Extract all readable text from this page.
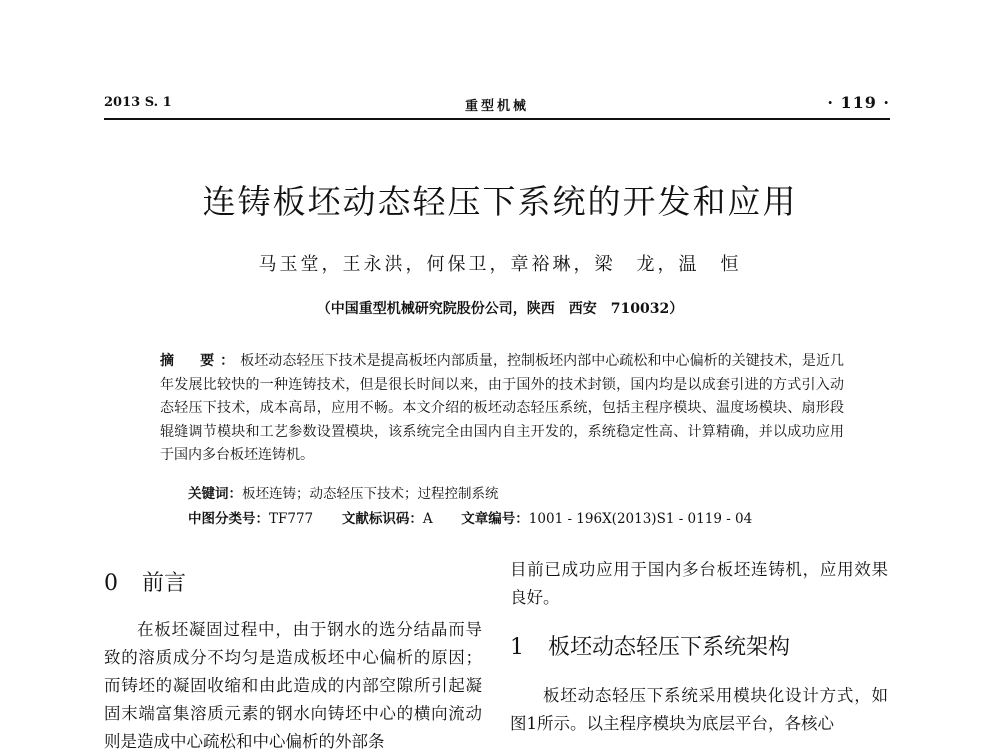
2013 S. 1	重型机械	· 119 ·
连铸板坯动态轻压下系统的开发和应用
马玉堂，王永洪，何保卫，章裕琳，梁　龙，温　恒
（中国重型机械研究院股份公司，陕西　西安　710032）
摘　要：板坯动态轻压下技术是提高板坯内部质量，控制板坯内部中心疏松和中心偏析的关键技术，是近几年发展比较快的一种连铸技术，但是很长时间以来，由于国外的技术封锁，国内均是以成套引进的方式引入动态轻压下技术，成本高昂，应用不畅。本文介绍的板坯动态轻压系统，包括主程序模块、温度场模块、扇形段辊缝调节模块和工艺参数设置模块，该系统完全由国内自主开发的，系统稳定性高、计算精确，并以成功应用于国内多台板坯连铸机。
关键词：板坯连铸；动态轻压下技术；过程控制系统
中图分类号：TF777 文献标识码：A 文章编号：1001 - 196X(2013)S1 - 0119 - 04
0 前言

在板坯凝固过程中，由于钢水的选分结晶而导致的溶质成分不均匀是造成板坯中心偏析的原因；而铸坯的凝固收缩和由此造成的内部空隙所引起凝固末端富集溶质元素的钢水向铸坯中心的横向流动则是造成中心疏松和中心偏析的外部条

目前已成功应用于国内多台板坯连铸机，应用效果良好。

1 板坯动态轻压下系统架构

板坯动态轻压下系统采用模块化设计方式，如图1所示。以主程序模块为底层平台，各核心
